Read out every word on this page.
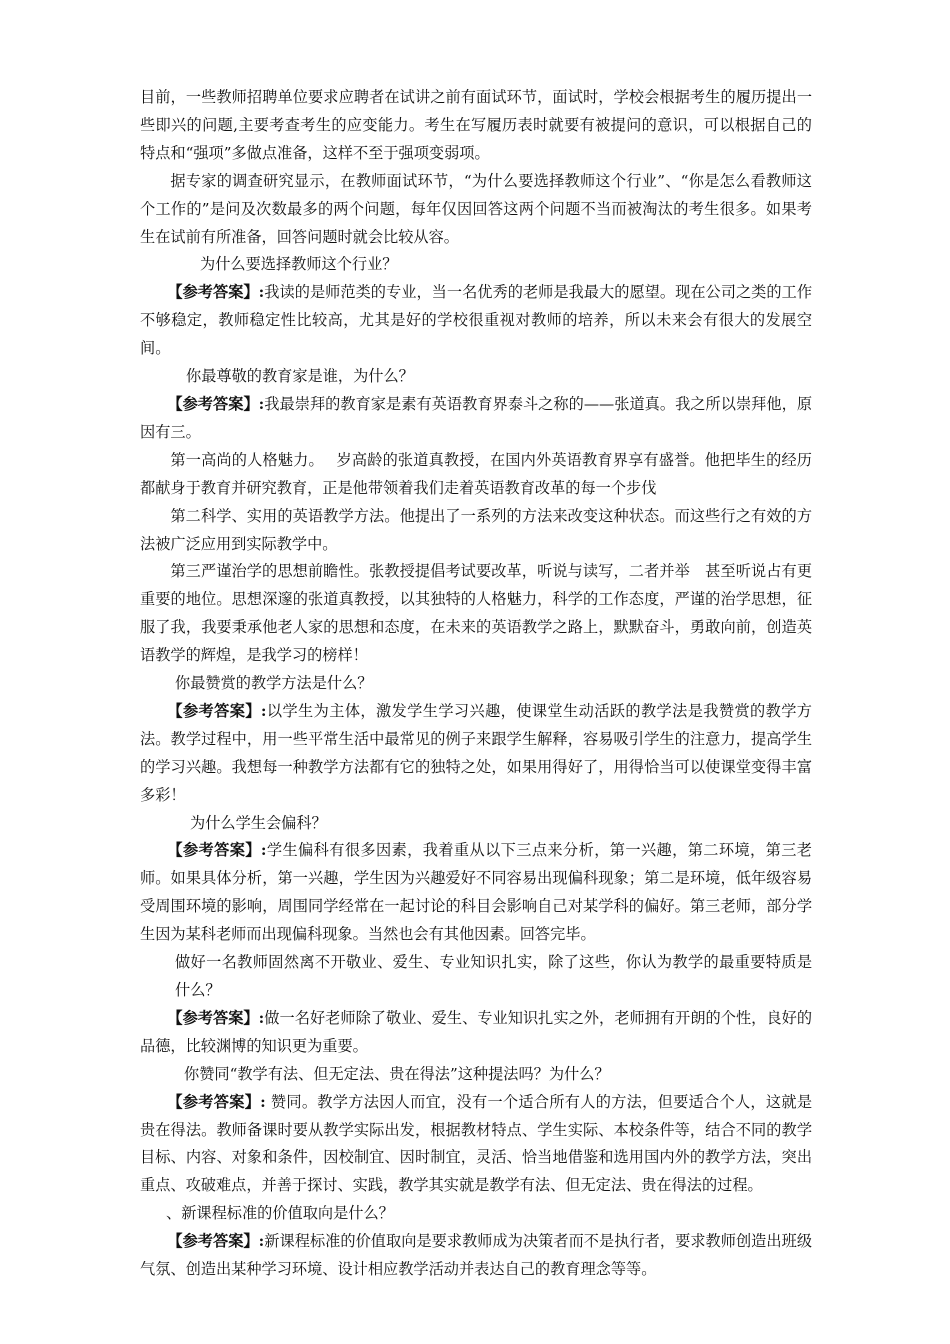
目前，一些教师招聘单位要求应聘者在试讲之前有面试环节，面试时，学校会根据考生的履历提出一些即兴的问题,主要考查考生的应变能力。考生在写履历表时就要有被提问的意识，可以根据自己的特点和“强项”多做点准备，这样不至于强项变弱项。

据专家的调查研究显示，在教师面试环节，“为什么要选择教师这个行业”、“你是怎么看教师这个工作的”是问及次数最多的两个问题，每年仅因回答这两个问题不当而被淘汰的考生很多。如果考生在试前有所准备，回答问题时就会比较从容。

为什么要选择教师这个行业？

【参考答案】:我读的是师范类的专业，当一名优秀的老师是我最大的愿望。现在公司之类的工作不够稳定，教师稳定性比较高，尤其是好的学校很重视对教师的培养，所以未来会有很大的发展空间。

你最尊敬的教育家是谁，为什么？

【参考答案】:我最崇拜的教育家是素有英语教育界泰斗之称的——张道真。我之所以崇拜他，原因有三。

第一高尚的人格魅力。　 岁高龄的张道真教授，在国内外英语教育界享有盛誉。他把毕生的经历都献身于教育并研究教育，正是他带领着我们走着英语教育改革的每一个步伐

第二科学、实用的英语教学方法。他提出了一系列的方法来改变这种状态。而这些行之有效的方法被广泛应用到实际教学中。

第三严谨治学的思想前瞻性。张教授提倡考试要改革，听说与读写，二者并举　甚至听说占有更重要的地位。思想深邃的张道真教授，以其独特的人格魅力，科学的工作态度，严谨的治学思想，征服了我，我要秉承他老人家的思想和态度，在未来的英语教学之路上，默默奋斗，勇敢向前，创造英语教学的辉煌，是我学习的榜样！

你最赞赏的教学方法是什么？

【参考答案】:以学生为主体，激发学生学习兴趣，使课堂生动活跃的教学法是我赞赏的教学方法。教学过程中，用一些平常生活中最常见的例子来跟学生解释，容易吸引学生的注意力，提高学生的学习兴趣。我想每一种教学方法都有它的独特之处，如果用得好了，用得恰当可以使课堂变得丰富多彩！

为什么学生会偏科？

【参考答案】:学生偏科有很多因素，我着重从以下三点来分析，第一兴趣，第二环境，第三老师。如果具体分析，第一兴趣，学生因为兴趣爱好不同容易出现偏科现象；第二是环境，低年级容易受周围环境的影响，周围同学经常在一起讨论的科目会影响自己对某学科的偏好。第三老师，部分学生因为某科老师而出现偏科现象。当然也会有其他因素。回答完毕。

做好一名教师固然离不开敬业、爱生、专业知识扎实，除了这些，你认为教学的最重要特质是什么？

【参考答案】:做一名好老师除了敬业、爱生、专业知识扎实之外，老师拥有开朗的个性，良好的品德，比较渊博的知识更为重要。

你赞同“教学有法、但无定法、贵在得法”这种提法吗？为什么？

【参考答案】: 赞同。教学方法因人而宜，没有一个适合所有人的方法，但要适合个人，这就是贵在得法。教师备课时要从教学实际出发，根据教材特点、学生实际、本校条件等，结合不同的教学目标、内容、对象和条件，因校制宜、因时制宜，灵活、恰当地借鉴和选用国内外的教学方法，突出重点、攻破难点，并善于探讨、实践，教学其实就是教学有法、但无定法、贵在得法的过程。

、新课程标准的价值取向是什么？

【参考答案】:新课程标准的价值取向是要求教师成为决策者而不是执行者，要求教师创造出班级气氛、创造出某种学习环境、设计相应教学活动并表达自己的教育理念等等。
